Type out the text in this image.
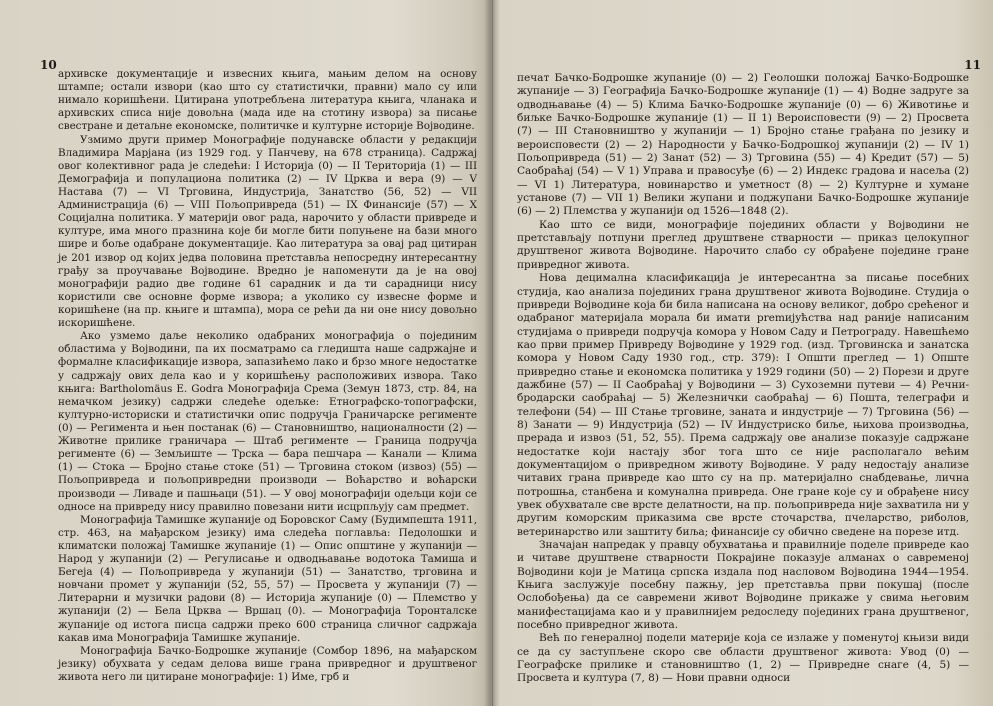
10

архивске документације и извесних књига, мањим делом на основу штампе; остали извори (као што су статистички, правни) мало су или нимало коришћени. Цитирана употребљена литература књига, чланака и архивских списа није довољна (мада иде на стотину извора) за писање свестране и детаљне економске, политичке и културне историје Војводине.

Узмимо други пример Монографије подунавске области у редакцији Владимира Марјана (из 1929 год. у Панчеву, на 678 страница). Садржај овог колективног рада је следећи: I Историја (0) — II Територија (1) — III Демографија и популациона политика (2) — IV Црква и вера (9) — V Настава (7) — VI Трговина, Индустрија, Занатство (56, 52) — VII Администрација (6) — VIII Пољопривреда (51) — IX Финансије (57) — X Социјална политика. У материји овог рада, нарочито у области привреде и културе, има много празнина које би могле бити попуњене на бази много шире и боље одабране документације. Као литература за овај рад цитиран је 201 извор од којих једва половина претставља непосредну интересантну грађу за проучавање Војводине. Вредно је напоменути да је на овој монографији радио две године 61 сарадник и да ти сарадници нису користили све основне форме извора; а уколико су извесне форме и коришћене (на пр. књиге и штампа), мора се рећи да ни оне нису довољно искоришћене.

Ако узмемо даље неколико одабраних монографија о појединим областима у Војводини, па их посматрамо са гледишта наше садржајне и формалне класификације извора, запазићемо лако и брзо многе недостатке у садржају ових дела као и у коришћењу расположивих извора. Тако књига: Bartholomäus E. Godra Монографија Срема (Земун 1873, стр. 84, на немачком језику) садржи следеће одељке: Етнографско-топографски, културно-историски и статистички опис подручја Граничарске регименте (0) — Регимента и њен постанак (6) — Становништво, националности (2) — Животне прилике граничара — Штаб регименте — Граница подручја регименте (6) — Земљиште — Трска — бара пешчара — Канали — Клима (1) — Стока — Бројно стање стоке (51) — Трговина стоком (извоз) (55) — Пољопривреда и пољопривредни производи — Воћарство и воћарски производи — Ливаде и пашњаци (51). — У овој монографији одељци који се односе на привреду нису правилно повезани нити исцрпљују сам предмет.

Монографија Тамишке жупаније од Боровског Саму (Будимпешта 1911, стр. 463, на мађарском језику) има следећа поглавља: Педолошки и климатски положај Тамишке жупаније (1) — Опис општине у жупанији — Народ у жупанији (2) — Регулисање и одводњавање водотока Тамиша и Бегеја (4) — Пољопривреда у жупанији (51) — Занатство, трговина и новчани промет у жупанији (52, 55, 57) — Просвета у жупанији (7) — Литерарни и музички радови (8) — Историја жупаније (0) — Племство у жупанији (2) — Бела Црква — Вршац (0). — Монографија Торонталске жупаније од истога писца садржи преко 600 страница сличног садржаја какав има Монографија Тамишке жупаније.

Монографија Бачко-Бодрошке жупаније (Сомбор 1896, на мађарском језику) обухвата у седам делова више грана привредног и друштвеног живота него ли цитиране монографије: 1) Име, грб и

11

печат Бачко-Бодрошке жупаније (0) — 2) Геолошки положај Бачко-Бодрошке жупаније — 3) Географија Бачко-Бодрошке жупаније (1) — 4) Водне задруге за одводњавање (4) — 5) Клима Бачко-Бодрошке жупаније (0) — 6) Животиње и биљке Бачко-Бодрошке жупаније (1) — II 1) Вероисповести (9) — 2) Просвета (7) — III Становништво у жупанији — 1) Бројно стање грађана по језику и вероисповести (2) — 2) Народности у Бачко-Бодрошкој жупанији (2) — IV 1) Пољопривреда (51) — 2) Занат (52) — 3) Трговина (55) — 4) Кредит (57) — 5) Саобраћај (54) — V 1) Управа и правосуђе (6) — 2) Индекс градова и насеља (2) — VI 1) Литература, новинарство и уметност (8) — 2) Културне и хумане установе (7) — VII 1) Велики жупани и поджупани Бачко-Бодрошке жупаније (6) — 2) Племства у жупанији од 1526—1848 (2).

Као што се види, монографије појединих области у Војводини не претстављају потпуни преглед друштвене стварности — приказ целокупног друштвеног живота Војводине. Нарочито слабо су обрађене поједине гране привредног живота.

Нова децимална класификација је интересантна за писање посебних студија, као анализа појединих грана друштвеног живота Војводине. Студија о привреди Војводине која би била написана на основу великог, добро срећеног и одабраног материјала морала би имати premијућства над раније написаним студијама о привреди подручја комора у Новом Саду и Петрограду. Навешћемо као први пример Привреду Војводине у 1929 год. (изд. Трговинска и занатска комора у Новом Саду 1930 год., стр. 379): I Општи преглед — 1) Опште привредно стање и економска политика у 1929 години (50) — 2) Порези и друге дажбине (57) — II Саобраћај у Војводини — 3) Сухоземни путеви — 4) Речни-бродарски саобраћај — 5) Железнички саобраћај — 6) Пошта, телеграфи и телефони (54) — III Стање трговине, заната и индустрије — 7) Трговина (56) — 8) Занати — 9) Индустрија (52) — IV Индустриско биље, њихова производња, прерада и извоз (51, 52, 55). Према садржају ове анализе показује садржане недостатке који настају због тога што се није располагало већим документацијом о привредном животу Војводине. У раду недостају анализе читавих грана привреде као што су на пр. материјално снабдевање, лична потрошња, станбена и комунална привреда. Оне гране које су и обрађене нису увек обухватале све врсте делатности, на пр. пољопривреда није захватила ни у другим коморским приказима све врсте сточарства, пчеларство, риболов, ветеринарство или заштиту биља; финансије су обично сведене на порезе итд.

Значајан напредак у правцу обухватања и правилније поделе привреде као и читаве друштвене стварности Покрајине показује алманах о савременој Војводини који је Матица српска издала под насловом Војводина 1944—1954. Књига заслужује посебну пажњу, јер претставља први покушај (после Ослобођења) да се савремени живот Војводине прикаже у свима његовим манифестацијама као и у правилнијем редоследу појединих грана друштвеног, посебно привредног живота.

Већ по генералној подели материје која се излаже у поменутој књизи види се да су заступљене скоро све области друштвеног живота: Увод (0) — Географске прилике и становништво (1, 2) — Привредне снаге (4, 5) — Просвета и култура (7, 8) — Нови правни односи
